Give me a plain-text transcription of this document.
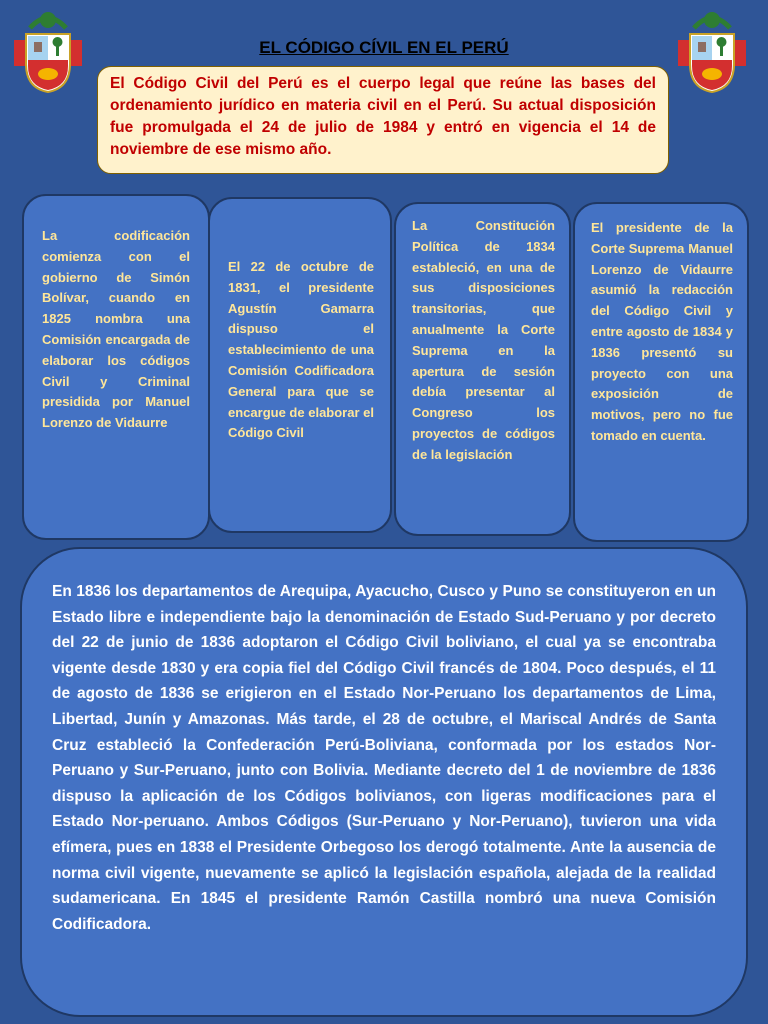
EL CÓDIGO CÍVIL EN EL PERÚ
El Código Civil del Perú es el cuerpo legal que reúne las bases del ordenamiento jurídico en materia civil en el Perú. Su actual disposición fue promulgada el 24 de julio de 1984 y entró en vigencia el 14 de noviembre de ese mismo año.
La codificación comienza con el gobierno de Simón Bolívar, cuando en 1825 nombra una Comisión encargada de elaborar los códigos Civil y Criminal presidida por Manuel Lorenzo de Vidaurre
El 22 de octubre de 1831, el presidente Agustín Gamarra dispuso el establecimiento de una Comisión Codificadora General para que se encargue de elaborar el Código Civil
La Constitución Política de 1834 estableció, en una de sus disposiciones transitorias, que anualmente la Corte Suprema en la apertura de sesión debía presentar al Congreso los proyectos de códigos de la legislación
El presidente de la Corte Suprema Manuel Lorenzo de Vidaurre asumió la redacción del Código Civil y entre agosto de 1834 y 1836 presentó su proyecto con una exposición de motivos, pero no fue tomado en cuenta.
En 1836 los departamentos de Arequipa, Ayacucho, Cusco y Puno se constituyeron en un Estado libre e independiente bajo la denominación de Estado Sud-Peruano y por decreto del 22 de junio de 1836 adoptaron el Código Civil boliviano, el cual ya se encontraba vigente desde 1830 y era copia fiel del Código Civil francés de 1804. Poco después, el 11 de agosto de 1836 se erigieron en el Estado Nor-Peruano los departamentos de Lima, Libertad, Junín y Amazonas. Más tarde, el 28 de octubre, el Mariscal Andrés de Santa Cruz estableció la Confederación Perú-Boliviana, conformada por los estados Nor-Peruano y Sur-Peruano, junto con Bolivia. Mediante decreto del 1 de noviembre de 1836 dispuso la aplicación de los Códigos bolivianos, con ligeras modificaciones para el Estado Nor-peruano. Ambos Códigos (Sur-Peruano y Nor-Peruano), tuvieron una vida efímera, pues en 1838 el Presidente Orbegoso los derogó totalmente. Ante la ausencia de norma civil vigente, nuevamente se aplicó la legislación española, alejada de la realidad sudamericana. En 1845 el presidente Ramón Castilla nombró una nueva Comisión Codificadora.
